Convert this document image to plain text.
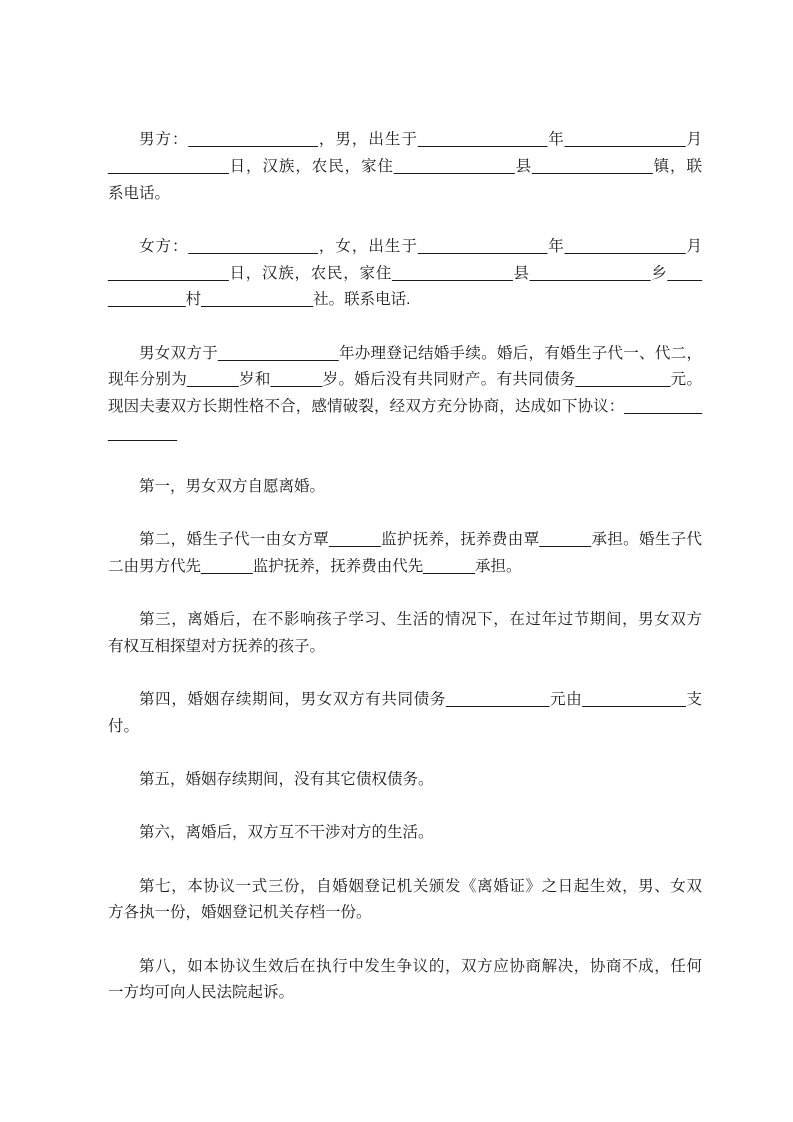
男方：_______________，男，出生于_______________年______________月
______________日，汉族，农民，家住______________县______________镇，联
系电话。
女方：_______________，女，出生于_______________年______________月
______________日，汉族，农民，家住______________县______________乡____
_________村_____________社。联系电话.
男女双方于______________年办理登记结婚手续。婚后，有婚生子代一、代二，
现年分别为______岁和______岁。婚后没有共同财产。有共同债务___________元。
现因夫妻双方长期性格不合，感情破裂，经双方充分协商，达成如下协议：_________
________
第一，男女双方自愿离婚。
第二，婚生子代一由女方覃______监护抚养，抚养费由覃______承担。婚生子代
二由男方代先______监护抚养，抚养费由代先______承担。
第三，离婚后，在不影响孩子学习、生活的情况下，在过年过节期间，男女双方
有权互相探望对方抚养的孩子。
第四，婚姻存续期间，男女双方有共同债务____________元由____________支
付。
第五，婚姻存续期间，没有其它债权债务。
第六，离婚后，双方互不干涉对方的生活。
第七，本协议一式三份，自婚姻登记机关颁发《离婚证》之日起生效，男、女双
方各执一份，婚姻登记机关存档一份。
第八，如本协议生效后在执行中发生争议的，双方应协商解决，协商不成，任何
一方均可向人民法院起诉。
